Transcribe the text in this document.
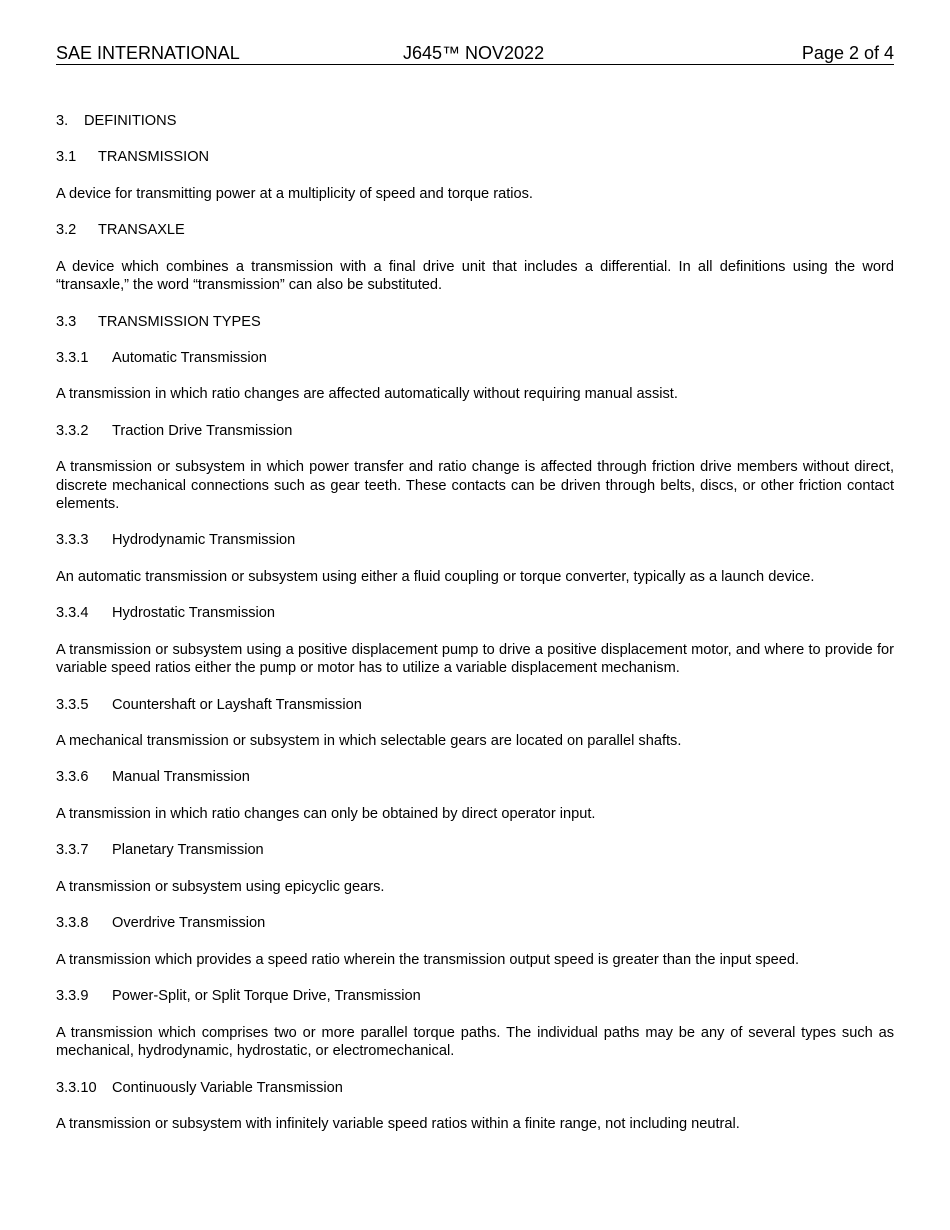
SAE INTERNATIONAL	J645™ NOV2022	Page 2 of 4
3.	DEFINITIONS
3.1	TRANSMISSION

A device for transmitting power at a multiplicity of speed and torque ratios.

3.2	TRANSAXLE

A device which combines a transmission with a final drive unit that includes a differential. In all definitions using the word “transaxle,” the word “transmission” can also be substituted.

3.3	TRANSMISSION TYPES
3.3.1	Automatic Transmission

A transmission in which ratio changes are affected automatically without requiring manual assist.

3.3.2	Traction Drive Transmission

A transmission or subsystem in which power transfer and ratio change is affected through friction drive members without direct, discrete mechanical connections such as gear teeth. These contacts can be driven through belts, discs, or other friction contact elements.

3.3.3	Hydrodynamic Transmission

An automatic transmission or subsystem using either a fluid coupling or torque converter, typically as a launch device.

3.3.4	Hydrostatic Transmission

A transmission or subsystem using a positive displacement pump to drive a positive displacement motor, and where to provide for variable speed ratios either the pump or motor has to utilize a variable displacement mechanism.

3.3.5	Countershaft or Layshaft Transmission

A mechanical transmission or subsystem in which selectable gears are located on parallel shafts.

3.3.6	Manual Transmission

A transmission in which ratio changes can only be obtained by direct operator input.

3.3.7	Planetary Transmission

A transmission or subsystem using epicyclic gears.

3.3.8	Overdrive Transmission

A transmission which provides a speed ratio wherein the transmission output speed is greater than the input speed.

3.3.9	Power-Split, or Split Torque Drive, Transmission

A transmission which comprises two or more parallel torque paths. The individual paths may be any of several types such as mechanical, hydrodynamic, hydrostatic, or electromechanical.

3.3.10	Continuously Variable Transmission

A transmission or subsystem with infinitely variable speed ratios within a finite range, not including neutral.
